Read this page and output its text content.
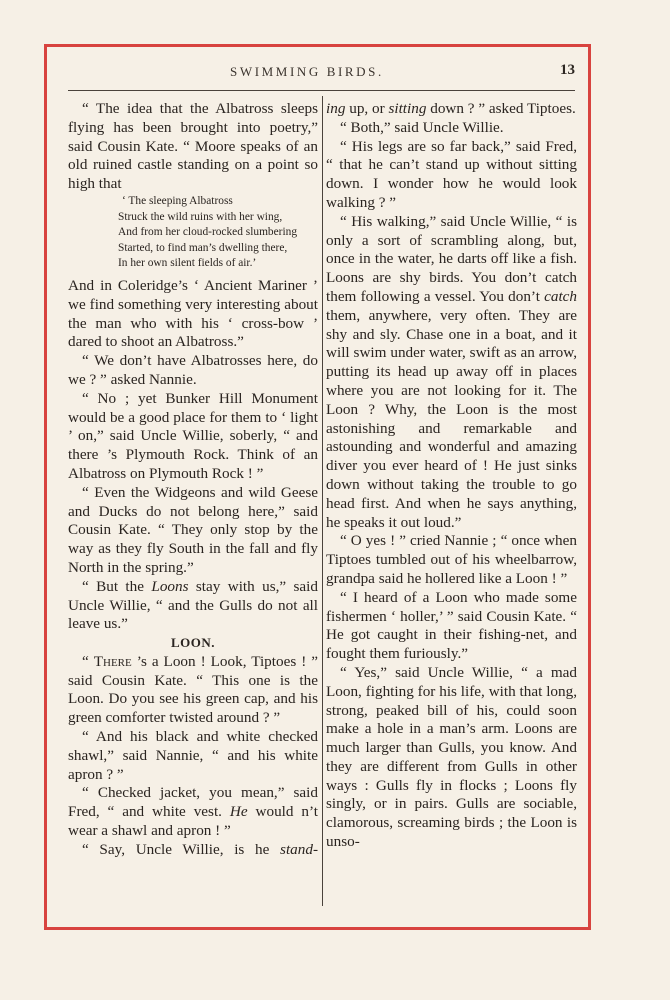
SWIMMING BIRDS.	13

“ The idea that the Albatross sleeps flying has been brought into poetry,” said Cousin Kate. “ Moore speaks of an old ruined castle standing on a point so high that

‘ The sleeping Albatross
Struck the wild ruins with her wing,
And from her cloud-rocked slumbering
Started, to find man’s dwelling there,
In her own silent fields of air.’

And in Coleridge’s ‘ Ancient Mariner ’ we find something very interesting about the man who with his ‘ cross-bow ’ dared to shoot an Albatross.”

“ We don’t have Albatrosses here, do we ? ” asked Nannie.

“ No ; yet Bunker Hill Monument would be a good place for them to ‘ light ’ on,” said Uncle Willie, soberly, “ and there ’s Plymouth Rock. Think of an Albatross on Plymouth Rock ! ”

“ Even the Widgeons and wild Geese and Ducks do not belong here,” said Cousin Kate. “ They only stop by the way as they fly South in the fall and fly North in the spring.”

“ But the Loons stay with us,” said Uncle Willie, “ and the Gulls do not all leave us.”

LOON.

“ There ’s a Loon ! Look, Tiptoes ! ” said Cousin Kate. “ This one is the Loon. Do you see his green cap, and his green comforter twisted around ? ”

“ And his black and white checked shawl,” said Nannie, “ and his white apron ? ”

“ Checked jacket, you mean,” said Fred, “ and white vest. He would n’t wear a shawl and apron ! ”

“ Say, Uncle Willie, is he stand-

ing up, or sitting down ? ” asked Tiptoes.

“ Both,” said Uncle Willie.

“ His legs are so far back,” said Fred, “ that he can’t stand up without sitting down. I wonder how he would look walking ? ”

“ His walking,” said Uncle Willie, “ is only a sort of scrambling along, but, once in the water, he darts off like a fish. Loons are shy birds. You don’t catch them following a vessel. You don’t catch them, anywhere, very often. They are shy and sly. Chase one in a boat, and it will swim under water, swift as an arrow, putting its head up away off in places where you are not looking for it. The Loon ? Why, the Loon is the most astonishing and remarkable and astounding and wonderful and amazing diver you ever heard of ! He just sinks down without taking the trouble to go head first. And when he says anything, he speaks it out loud.”

“ O yes ! ” cried Nannie ; “ once when Tiptoes tumbled out of his wheelbarrow, grandpa said he hollered like a Loon ! ”

“ I heard of a Loon who made some fishermen ‘ holler,’ ” said Cousin Kate. “ He got caught in their fishing-net, and fought them furiously.”

“ Yes,” said Uncle Willie, “ a mad Loon, fighting for his life, with that long, strong, peaked bill of his, could soon make a hole in a man’s arm. Loons are much larger than Gulls, you know. And they are different from Gulls in other ways : Gulls fly in flocks ; Loons fly singly, or in pairs. Gulls are sociable, clamorous, screaming birds ; the Loon is unso-
